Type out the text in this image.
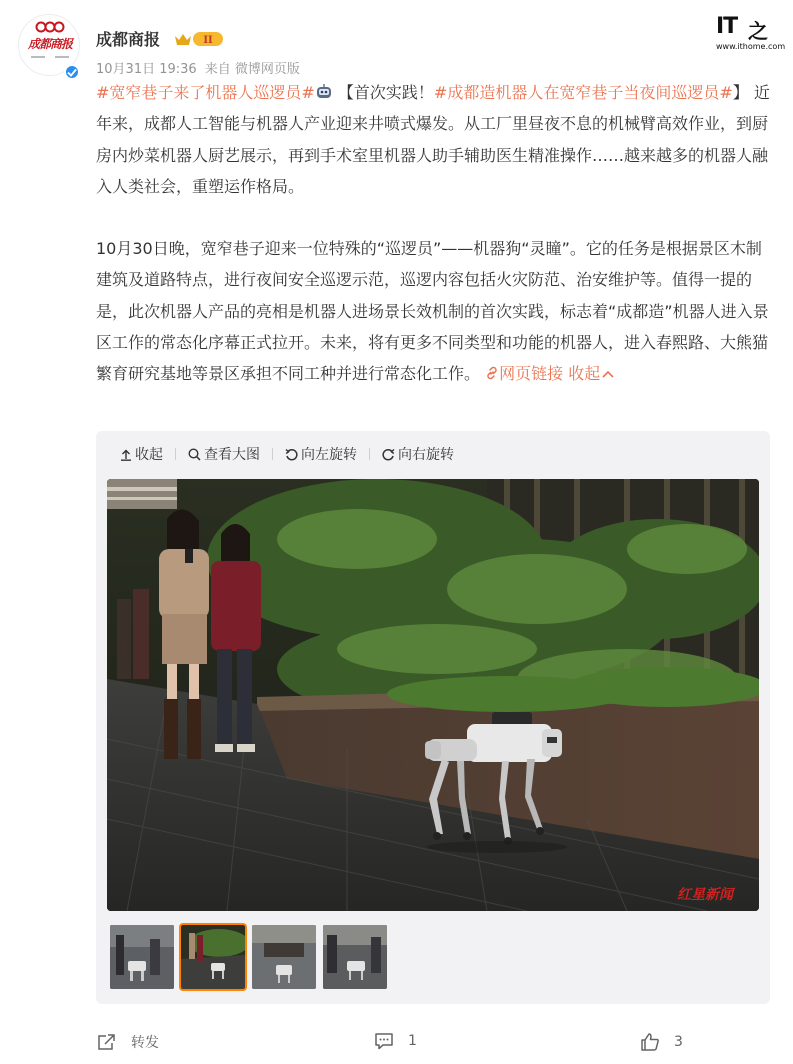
成都商报	成都商报	II
10月31日 19:36 来自 微博网页版
IT 之
www.ithome.com

#宽窄巷子来了机器人巡逻员# 【首次实践！#成都造机器人在宽窄巷子当夜间巡逻员#】 近年来，成都人工智能与机器人产业迎来井喷式爆发。从工厂里昼夜不息的机械臂高效作业，到厨房内炒菜机器人厨艺展示，再到手术室里机器人助手辅助医生精准操作……越来越多的机器人融入人类社会，重塑运作格局。

10月30日晚，宽窄巷子迎来一位特殊的“巡逻员”——机器狗“灵瞳”。它的任务是根据景区木制建筑及道路特点，进行夜间安全巡逻示范，巡逻内容包括火灾防范、治安维护等。值得一提的是，此次机器人产品的亮相是机器人进场景长效机制的首次实践，标志着“成都造”机器人进入景区工作的常态化序幕正式拉开。未来，将有更多不同类型和功能的机器人，进入春熙路、大熊猫繁育研究基地等景区承担不同工种并进行常态化工作。 网页链接 收起

收起	查看大图	向左旋转	向右旋转
红星新闻
转发	1	3
